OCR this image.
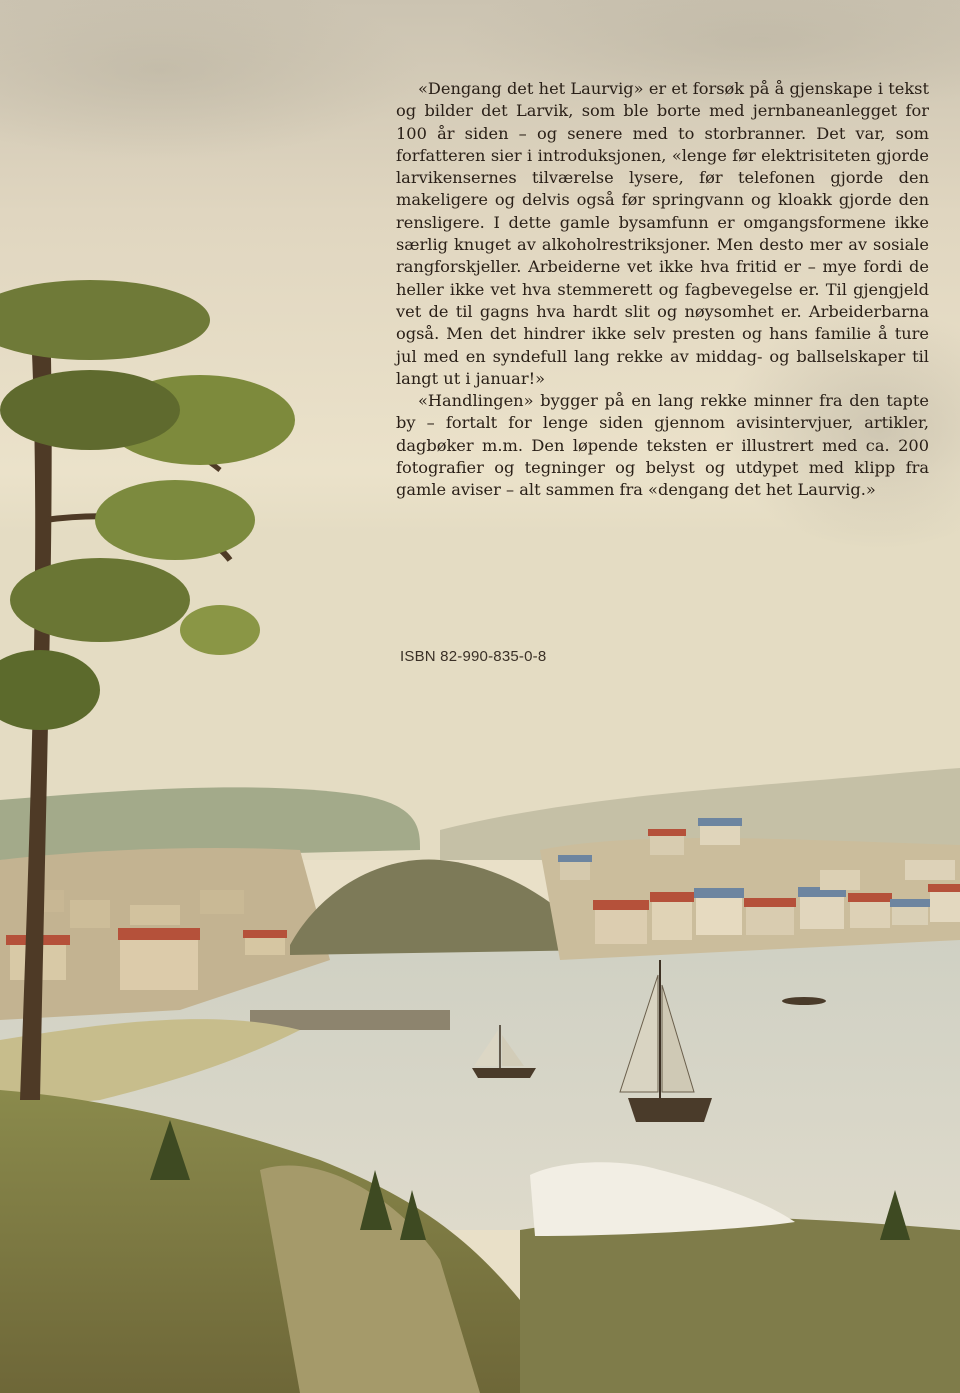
«Dengang det het Laurvig» er et forsøk på å gjenskape i tekst og bilder det Larvik, som ble borte med jernbaneanlegget for 100 år siden – og senere med to storbranner. Det var, som forfatteren sier i introduksjonen, «lenge før elektrisiteten gjorde larvikensernes tilværelse lysere, før telefonen gjorde den makeligere og delvis også før springvann og kloakk gjorde den rensligere. I dette gamle bysamfunn er omgangsformene ikke særlig knuget av alkoholrestriksjoner. Men desto mer av sosiale rangforskjeller. Arbeiderne vet ikke hva fritid er – mye fordi de heller ikke vet hva stemmerett og fagbevegelse er. Til gjengjeld vet de til gagns hva hardt slit og nøysomhet er. Arbeiderbarna også. Men det hindrer ikke selv presten og hans familie å ture jul med en syndefull lang rekke av middag- og ballselskaper til langt ut i januar!»

«Handlingen» bygger på en lang rekke minner fra den tapte by – fortalt for lenge siden gjennom avisintervjuer, artikler, dagbøker m.m. Den løpende teksten er illustrert med ca. 200 fotografier og tegninger og belyst og utdypet med klipp fra gamle aviser – alt sammen fra «dengang det het Laurvig.»

ISBN 82-990-835-0-8
